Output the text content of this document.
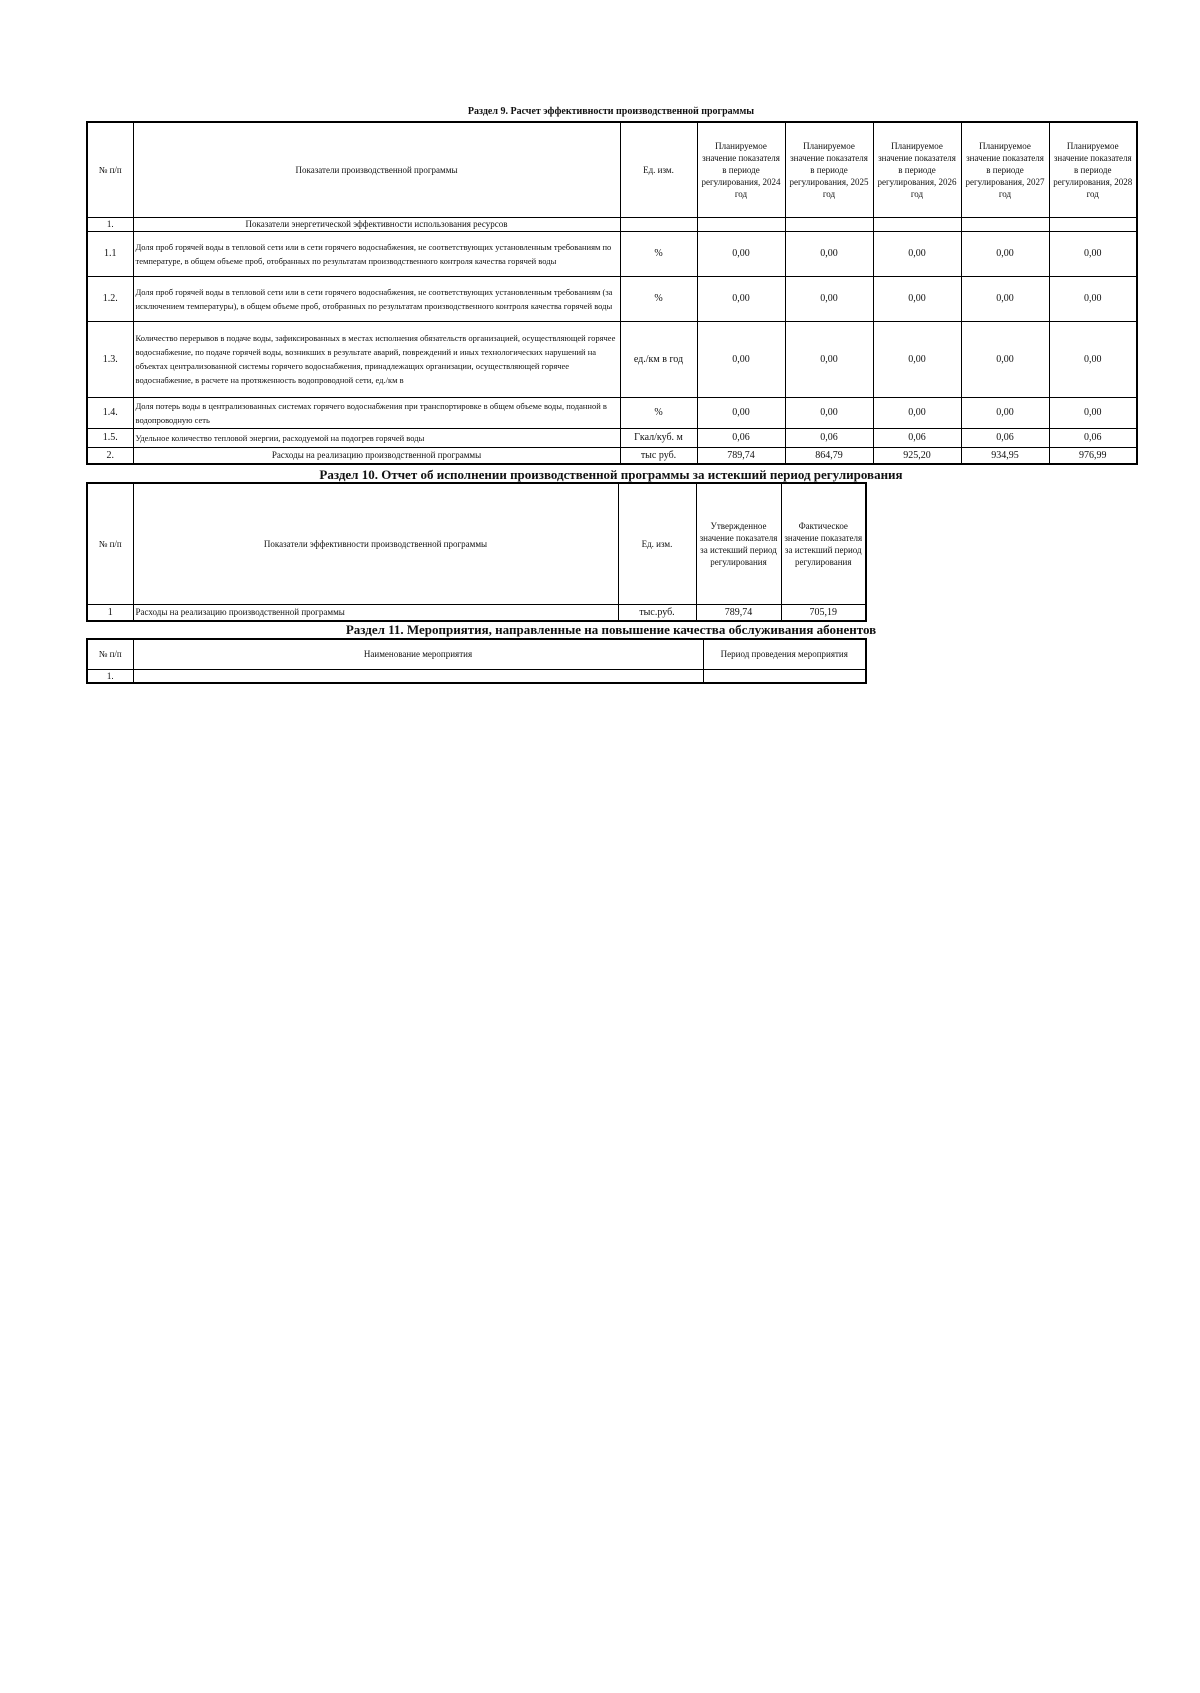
Раздел 9. Расчет эффективности производственной программы
№ п/п	Показатели производственной программы	Ед. изм.	Планируемое значение показателя в периоде регулирования, 2024 год	Планируемое значение показателя в периоде регулирования, 2025 год	Планируемое значение показателя в периоде регулирования, 2026 год	Планируемое значение показателя в периоде регулирования, 2027 год	Планируемое значение показателя в периоде регулирования, 2028 год
1.	Показатели энергетической эффективности использования ресурсов						
1.1	Доля проб горячей воды в тепловой сети или в сети горячего водоснабжения, не соответствующих установленным требованиям по температуре, в общем объеме проб, отобранных по результатам производственного контроля качества горячей воды	%	0,00	0,00	0,00	0,00	0,00
1.2.	Доля проб горячей воды в тепловой сети или в сети горячего водоснабжения, не соответствующих установленным требованиям (за исключением температуры), в общем объеме проб, отобранных по результатам производственного контроля качества горячей воды	%	0,00	0,00	0,00	0,00	0,00
1.3.	Количество перерывов в подаче воды, зафиксированных в местах исполнения обязательств организацией, осуществляющей горячее водоснабжение, по подаче горячей воды, возникших в результате аварий, повреждений и иных технологических нарушений на объектах централизованной системы горячего водоснабжения, принадлежащих организации, осуществляющей горячее водоснабжение, в расчете на протяженность водопроводной сети, ед./км в	ед./км в год	0,00	0,00	0,00	0,00	0,00
1.4.	Доля потерь воды в централизованных системах горячего водоснабжения при транспортировке в общем объеме воды, поданной в водопроводную сеть	%	0,00	0,00	0,00	0,00	0,00
1.5.	Удельное количество тепловой энергии, расходуемой на подогрев горячей воды	Гкал/куб. м	0,06	0,06	0,06	0,06	0,06
2.	Расходы на реализацию производственной программы	тыс руб.	789,74	864,79	925,20	934,95	976,99
Раздел 10. Отчет об исполнении производственной программы за истекший период регулирования
№ п/п	Показатели эффективности производственной программы	Ед. изм.	Утвержденное значение показателя за истекший период регулирования	Фактическое значение показателя за истекший период регулирования
1	Расходы на реализацию производственной программы	тыс.руб.	789,74	705,19
Раздел 11. Мероприятия, направленные на повышение качества обслуживания абонентов
№ п/п	Наименование мероприятия	Период проведения мероприятия
1.		
